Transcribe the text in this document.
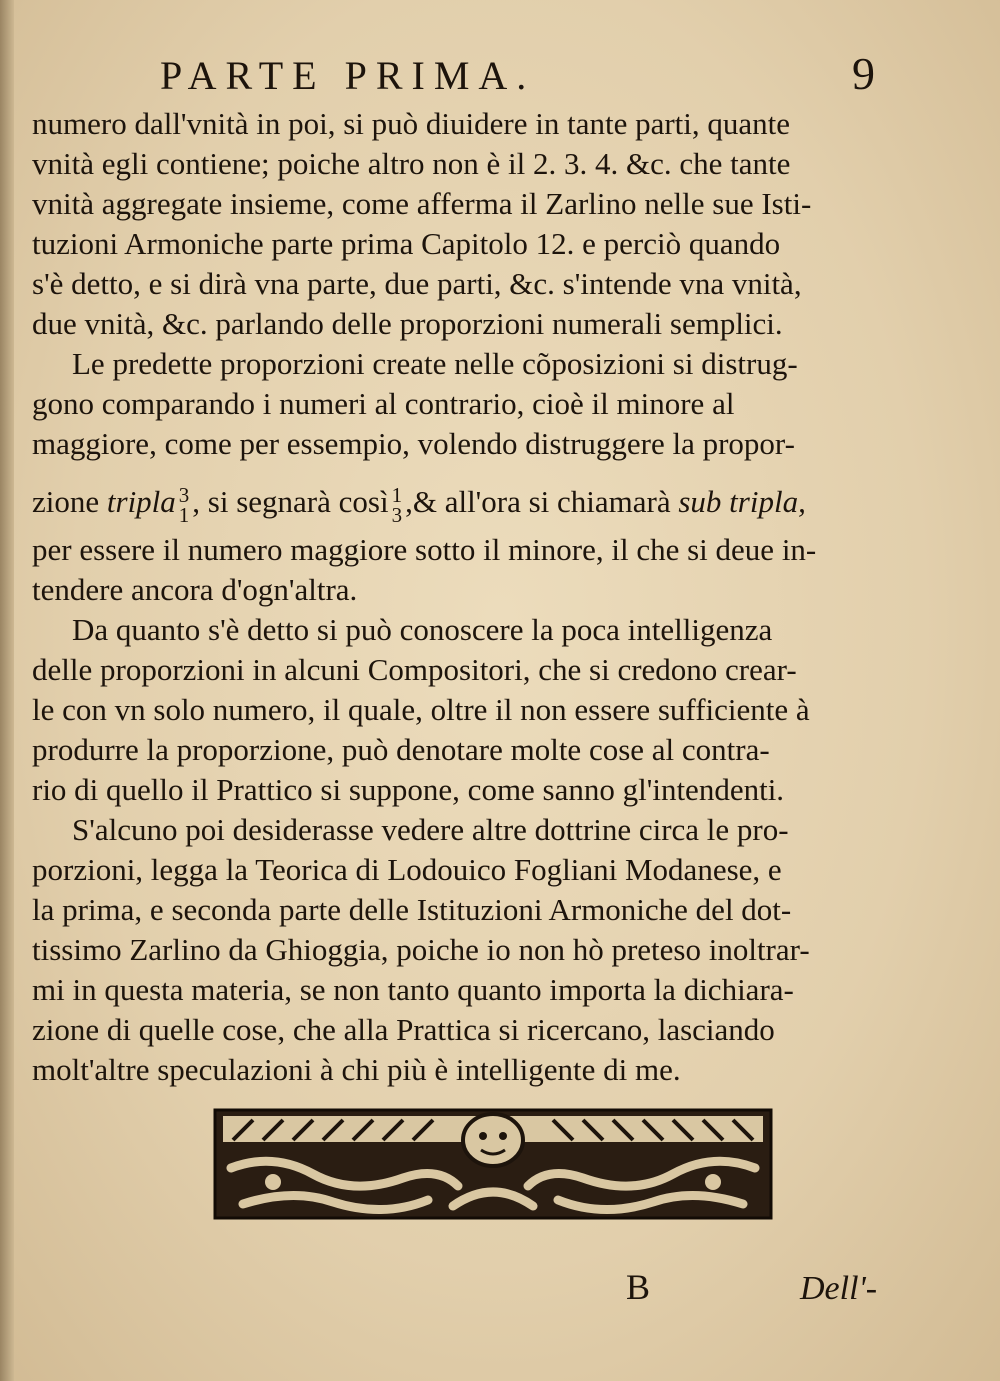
PARTE PRIMA.	9
numero dall'vnità in poi, si può diuidere in tante parti, quante
vnità egli contiene; poiche altro non è il 2. 3. 4. &c. che tante
vnità aggregate insieme, come afferma il Zarlino nelle sue Isti-
tuzioni Armoniche parte prima Capitolo 12. e perciò quando
s'è detto, e si dirà vna parte, due parti, &c. s'intende vna vnità,
due vnità, &c. parlando delle proporzioni numerali semplici.
Le predette proporzioni create nelle cõposizioni si distrug-
gono comparando i numeri al contrario, cioè il minore al
maggiore, come per essempio, volendo distruggere la propor-
zione tripla 3
1 , si segnarà così 1
3 ,& all'ora si chiamarà sub tripla,
per essere il numero maggiore sotto il minore, il che si deue in-
tendere ancora d'ogn'altra.
Da quanto s'è detto si può conoscere la poca intelligenza
delle proporzioni in alcuni Compositori, che si credono crear-
le con vn solo numero, il quale, oltre il non essere sufficiente à
produrre la proporzione, può denotare molte cose al contra-
rio di quello il Prattico si suppone, come sanno gl'intendenti.
S'alcuno poi desiderasse vedere altre dottrine circa le pro-
porzioni, legga la Teorica di Lodouico Fogliani Modanese, e
la prima, e seconda parte delle Istituzioni Armoniche del dot-
tissimo Zarlino da Ghioggia, poiche io non hò preteso inoltrar-
mi in questa materia, se non tanto quanto importa la dichiara-
zione di quelle cose, che alla Prattica si ricercano, lasciando
molt'altre speculazioni à chi più è intelligente di me.
B	Dell'-
